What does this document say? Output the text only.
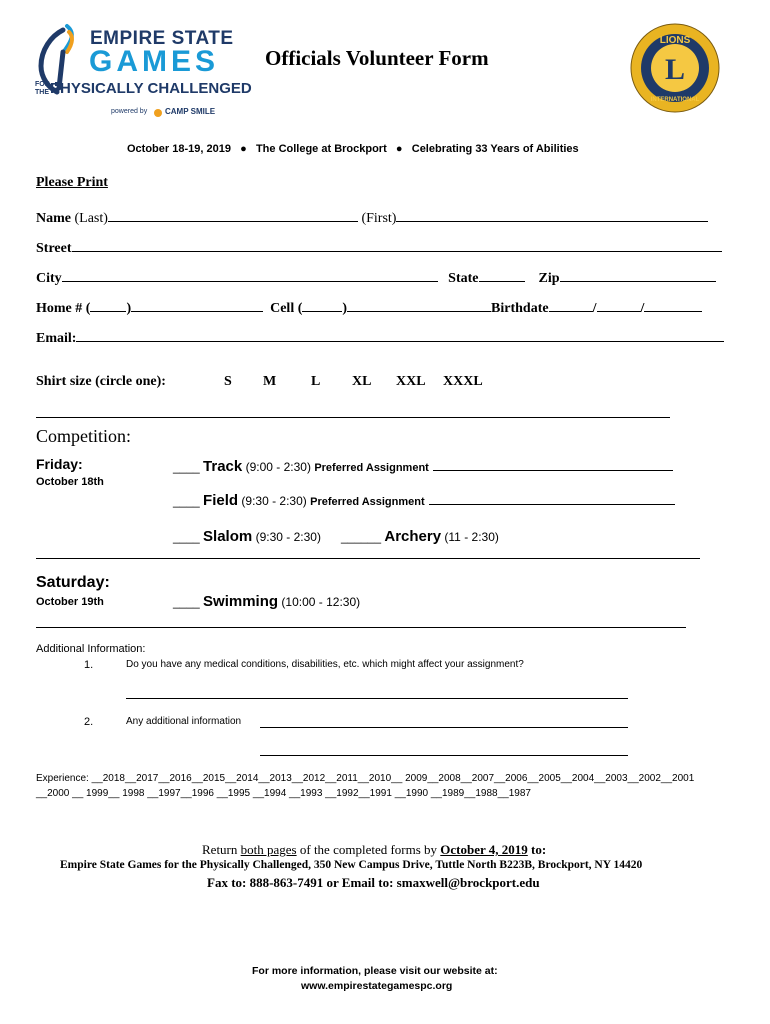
EMPIRE STATE
GAMES
FOR
THE PHYSICALLY CHALLENGED
powered by CAMP SMILE
Officials Volunteer Form	L
LIONS
INTERNATIONAL
October 18-19, 2019   ●   The College at Brockport   ●   Celebrating 33 Years of Abilities
Please Print
Name (Last)	(First)
Street
City	State	Zip
Home # (	)	Cell (	)	Birthdate	/	/
Email:
Shirt size (circle one):	S M L XL XXL XXXL
Competition:
Friday:
October 18th
____ Track (9:00 - 2:30) Preferred Assignment
____ Field (9:30 - 2:30) Preferred Assignment
____ Slalom (9:30 - 2:30) ______ Archery (11 - 2:30)
Saturday:
October 19th	____ Swimming (10:00 - 12:30)
Additional Information:
1.	Do you have any medical conditions, disabilities, etc. which might affect your assignment?
2.	Any additional information
Experience: __2018__2017__2016__2015__2014__2013__2012__2011__2010__ 2009__2008__2007__2006__2005__2004__2003__2002__2001
__2000 __ 1999__ 1998 __1997__1996 __1995 __1994 __1993 __1992__1991 __1990 __1989__1988__1987
Return both pages of the completed forms by October 4, 2019 to:
Empire State Games for the Physically Challenged, 350 New Campus Drive, Tuttle North B223B, Brockport, NY 14420
Fax to: 888-863-7491 or Email to: smaxwell@brockport.edu
For more information, please visit our website at:
www.empirestategamespc.org
